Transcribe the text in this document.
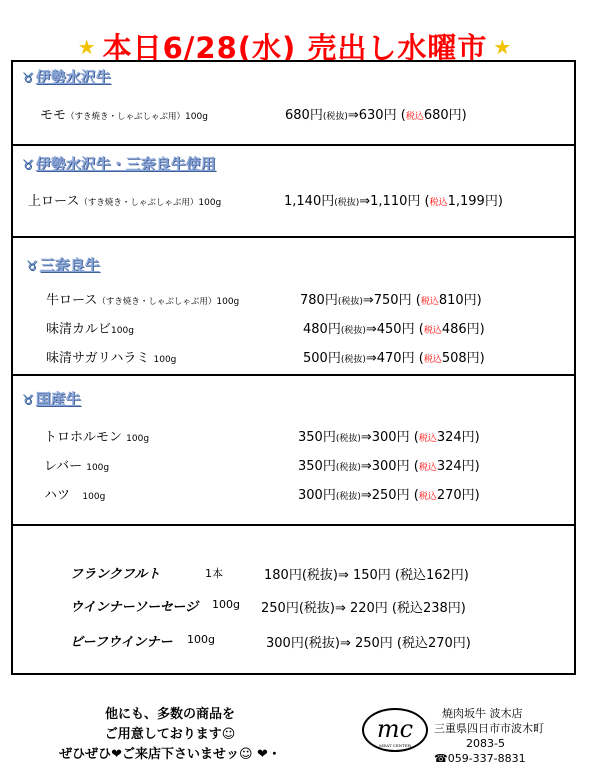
★ 本日6/28(水) 売出し水曜市 ★
♉ 伊勢水沢牛
モモ（すき焼き・しゃぶしゃぶ用）100g	680円(税抜)⇒630円 (税込680円)
♉ 伊勢水沢牛・三奈良牛使用
上ロース（すき焼き・しゃぶしゃぶ用）100g	1,140円(税抜)⇒1,110円 (税込1,199円)
♉ 三奈良牛
牛ロース（すき焼き・しゃぶしゃぶ用）100g	780円(税抜)⇒750円 (税込810円)
味清カルビ100g	480円(税抜)⇒450円 (税込486円)
味清サガリハラミ 100g	500円(税抜)⇒470円 (税込508円)
♉ 国産牛
トロホルモン 100g	350円(税抜)⇒300円 (税込324円)
レバー 100g	350円(税抜)⇒300円 (税込324円)
ハツ 100g	300円(税抜)⇒250円 (税込270円)
フランクフルト	1本	180円(税抜)⇒ 150円 (税込162円)
ウインナーソーセージ 100g 250円(税抜)⇒ 220円 (税込238円)
ビーフウインナー 100g	300円(税抜)⇒ 250円 (税込270円)
他にも、多数の商品を
ご用意しております☺
ぜひぜひ❤ご来店下さいませッ☺ ❤・
mc
MEAT CENTER
焼肉坂牛 波木店
三重県四日市市波木町
2083-5
☎059-337-8831
